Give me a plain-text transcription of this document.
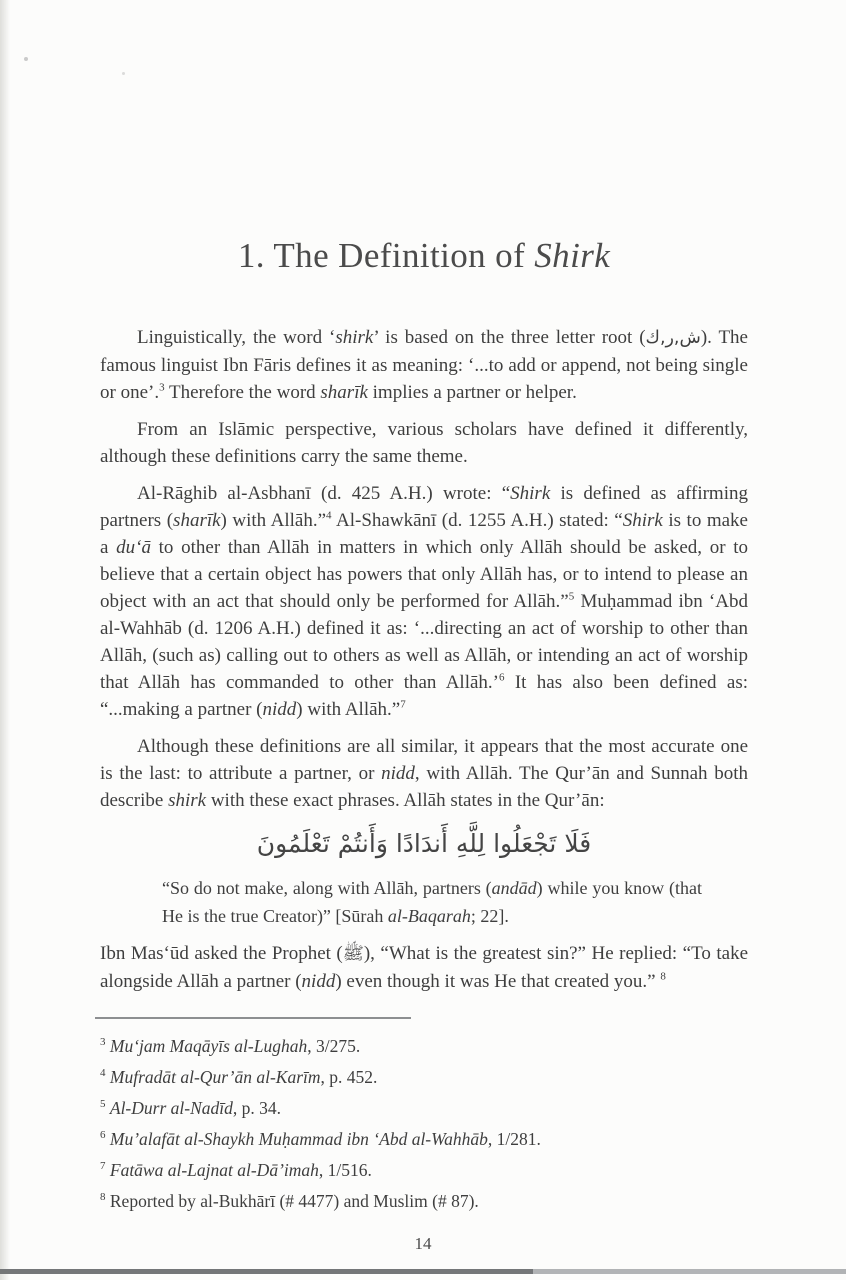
1. The Definition of Shirk

Linguistically, the word ‘shirk’ is based on the three letter root (ش,ر,ك). The famous linguist Ibn Fāris defines it as meaning: ‘...to add or append, not being single or one’.$^3$ Therefore the word sharīk implies a partner or helper.

From an Islāmic perspective, various scholars have defined it differently, although these definitions carry the same theme.

Al-Rāghib al-Asbhanī (d. 425 A.H.) wrote: “Shirk is defined as affirming partners (sharīk) with Allāh.”$^4$ Al-Shawkānī (d. 1255 A.H.) stated: “Shirk is to make a du‘ā to other than Allāh in matters in which only Allāh should be asked, or to believe that a certain object has powers that only Allāh has, or to intend to please an object with an act that should only be performed for Allāh.”$^5$ Muḥammad ibn ‘Abd al-Wahhāb (d. 1206 A.H.) defined it as: ‘...directing an act of worship to other than Allāh, (such as) calling out to others as well as Allāh, or intending an act of worship that Allāh has commanded to other than Allāh.’$^6$ It has also been defined as: “...making a partner (nidd) with Allāh.”$^7$

Although these definitions are all similar, it appears that the most accurate one is the last: to attribute a partner, or nidd, with Allāh. The Qur’ān and Sunnah both describe shirk with these exact phrases. Allāh states in the Qur’ān:

فَلَا تَجْعَلُوا لِلَّهِ أَندَادًا وَأَنتُمْ تَعْلَمُونَ
“So do not make, along with Allāh, partners (andād) while you know (that He is the true Creator)” [Sūrah al-Baqarah; 22].

Ibn Mas‘ūd asked the Prophet (ﷺ), “What is the greatest sin?” He replied: “To take alongside Allāh a partner (nidd) even though it was He that created you.” $^8$

$^3$ Mu‘jam Maqāyīs al-Lughah, 3/275.

$^4$ Mufradāt al-Qur’ān al-Karīm, p. 452.

$^5$ Al-Durr al-Nadīd, p. 34.

$^6$ Mu’alafāt al-Shaykh Muḥammad ibn ‘Abd al-Wahhāb, 1/281.

$^7$ Fatāwa al-Lajnat al-Dā’imah, 1/516.

$^8$ Reported by al-Bukhārī (# 4477) and Muslim (# 87).

14
